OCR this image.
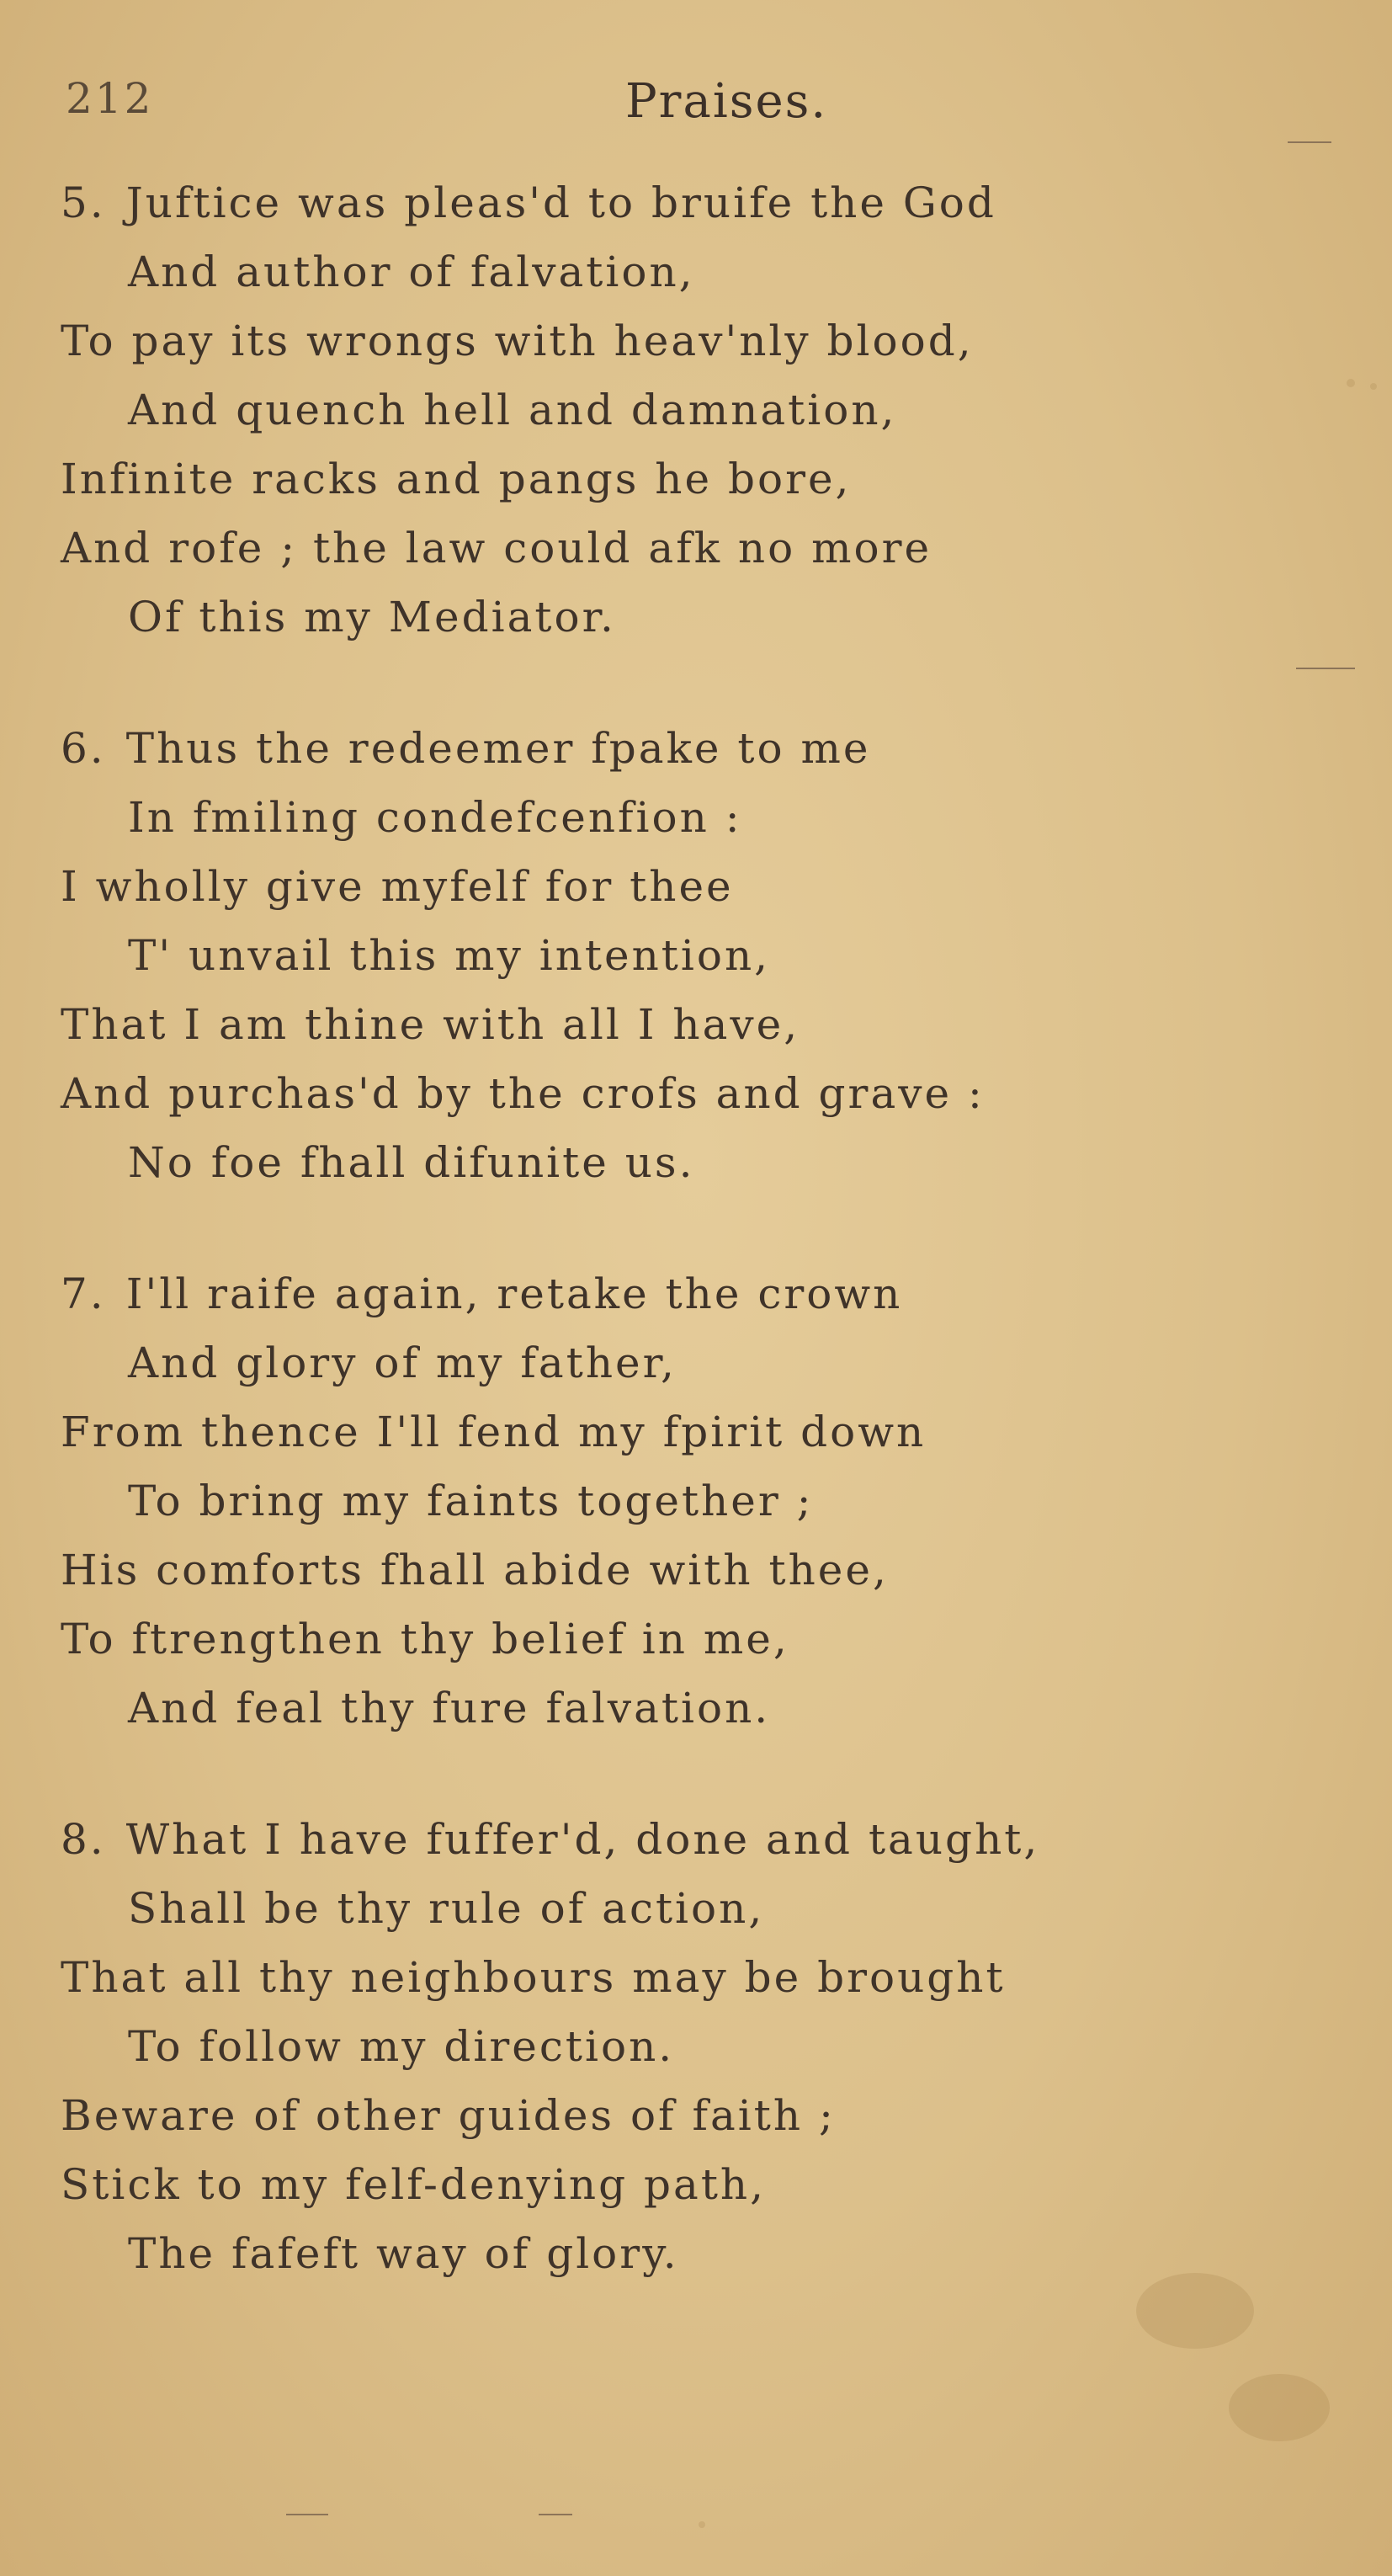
212	Praises.
5. Juftice was pleas'd to bruife the God
And author of falvation,
To pay its wrongs with heav'nly blood,
And quench hell and damnation,
Infinite racks and pangs he bore,
And rofe ; the law could afk no more
Of this my Mediator.
6. Thus the redeemer fpake to me
In fmiling condefcenfion :
I wholly give myfelf for thee
T' unvail this my intention,
That I am thine with all I have,
And purchas'd by the crofs and grave :
No foe fhall difunite us.
7. I'll raife again, retake the crown
And glory of my father,
From thence I'll fend my fpirit down
To bring my faints together ;
His comforts fhall abide with thee,
To ftrengthen thy belief in me,
And feal thy fure falvation.
8. What I have fuffer'd, done and taught,
Shall be thy rule of action,
That all thy neighbours may be brought
To follow my direction.
Beware of other guides of faith ;
Stick to my felf-denying path,
The fafeft way of glory.
